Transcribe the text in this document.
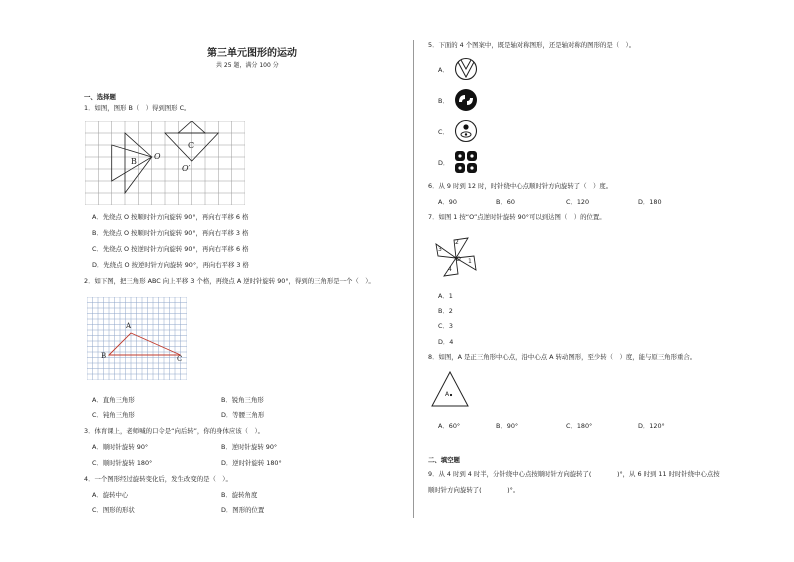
第三单元图形的运动
共 25 题，满分 100 分
一、选择题
1．如图，图形 B（　）得到图形 C。
B
O
C
O′
A．先绕点 O 按顺时针方向旋转 90°，再向右平移 6 格
B．先绕点 O 按顺时针方向旋转 90°，再向右平移 3 格
C．先绕点 O 按逆时针方向旋转 90°，再向右平移 6 格
D．先绕点 O 按逆时针方向旋转 90°，再向右平移 3 格
2．如下图，把三角形 ABC 向上平移 3 个格，再绕点 A 逆时针旋转 90°，得到的三角形是一个（　）。
A
B	C
A．直角三角形	B．锐角三角形
C．钝角三角形	D．等腰三角形
3．体育课上，老师喊的口令是“向后转”，你的身体应该（　）。
A．顺时针旋转 90°	B．逆时针旋转 90°
C．顺时针旋转 180°	D．逆时针旋转 180°
4．一个图形经过旋转变化后，发生改变的是（　）。
A．旋转中心	B．旋转角度
C．图形的形状	D．图形的位置
5．下面的 4 个图案中，既是轴对称图形，还是轴对称的图形的是（　）。
A．
B．
C．
D．
6．从 9 时到 12 时，时针绕中心点顺时针方向旋转了（　）度。
A．90	B．60	C．120	D．180
7．如图 1 按“O”点逆时针旋转 90°可以到达图（　）的位置。
2
3
4
1
O
A．1
B．2
C．3
D．4
8．如图，A 是正三角形中心点，沿中心点 A 转动图形，至少转（　）度，能与原三角形重合。
A
A．60°	B．90°	C．180°	D．120°
二、填空题
9．从 4 时到 4 时半，分针绕中心点按顺时针方向旋转了(　　　　)°，从 6 时到 11 时时针绕中心点按
顺时针方向旋转了(　　　　)°。
